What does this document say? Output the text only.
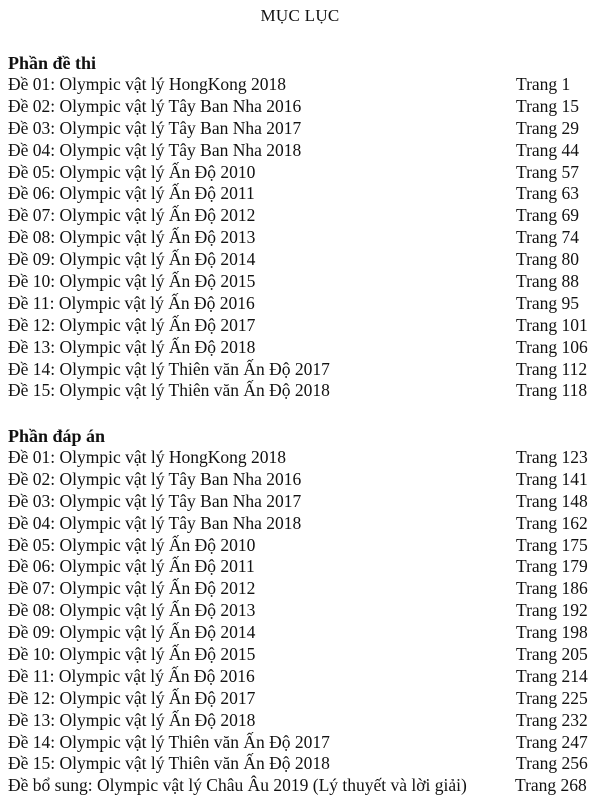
MỤC LỤC
Phần đề thi
Đề 01: Olympic vật lý HongKong 2018	Trang 1
Đề 02: Olympic vật lý Tây Ban Nha 2016	Trang 15
Đề 03: Olympic vật lý Tây Ban Nha 2017	Trang 29
Đề 04: Olympic vật lý Tây Ban Nha 2018	Trang 44
Đề 05: Olympic vật lý Ấn Độ 2010	Trang 57
Đề 06: Olympic vật lý Ấn Độ 2011	Trang 63
Đề 07: Olympic vật lý Ấn Độ 2012	Trang 69
Đề 08: Olympic vật lý Ấn Độ 2013	Trang 74
Đề 09: Olympic vật lý Ấn Độ 2014	Trang 80
Đề 10: Olympic vật lý Ấn Độ 2015	Trang 88
Đề 11: Olympic vật lý Ấn Độ 2016	Trang 95
Đề 12: Olympic vật lý Ấn Độ 2017	Trang 101
Đề 13: Olympic vật lý Ấn Độ 2018	Trang 106
Đề 14: Olympic vật lý Thiên văn Ấn Độ 2017	Trang 112
Đề 15: Olympic vật lý Thiên văn Ấn Độ 2018	Trang 118
Phần đáp án
Đề 01: Olympic vật lý HongKong 2018	Trang 123
Đề 02: Olympic vật lý Tây Ban Nha 2016	Trang 141
Đề 03: Olympic vật lý Tây Ban Nha 2017	Trang 148
Đề 04: Olympic vật lý Tây Ban Nha 2018	Trang 162
Đề 05: Olympic vật lý Ấn Độ 2010	Trang 175
Đề 06: Olympic vật lý Ấn Độ 2011	Trang 179
Đề 07: Olympic vật lý Ấn Độ 2012	Trang 186
Đề 08: Olympic vật lý Ấn Độ 2013	Trang 192
Đề 09: Olympic vật lý Ấn Độ 2014	Trang 198
Đề 10: Olympic vật lý Ấn Độ 2015	Trang 205
Đề 11: Olympic vật lý Ấn Độ 2016	Trang 214
Đề 12: Olympic vật lý Ấn Độ 2017	Trang 225
Đề 13: Olympic vật lý Ấn Độ 2018	Trang 232
Đề 14: Olympic vật lý Thiên văn Ấn Độ 2017	Trang 247
Đề 15: Olympic vật lý Thiên văn Ấn Độ 2018	Trang 256
Đề bổ sung: Olympic vật lý Châu Âu 2019 (Lý thuyết và lời giải)	Trang 268
